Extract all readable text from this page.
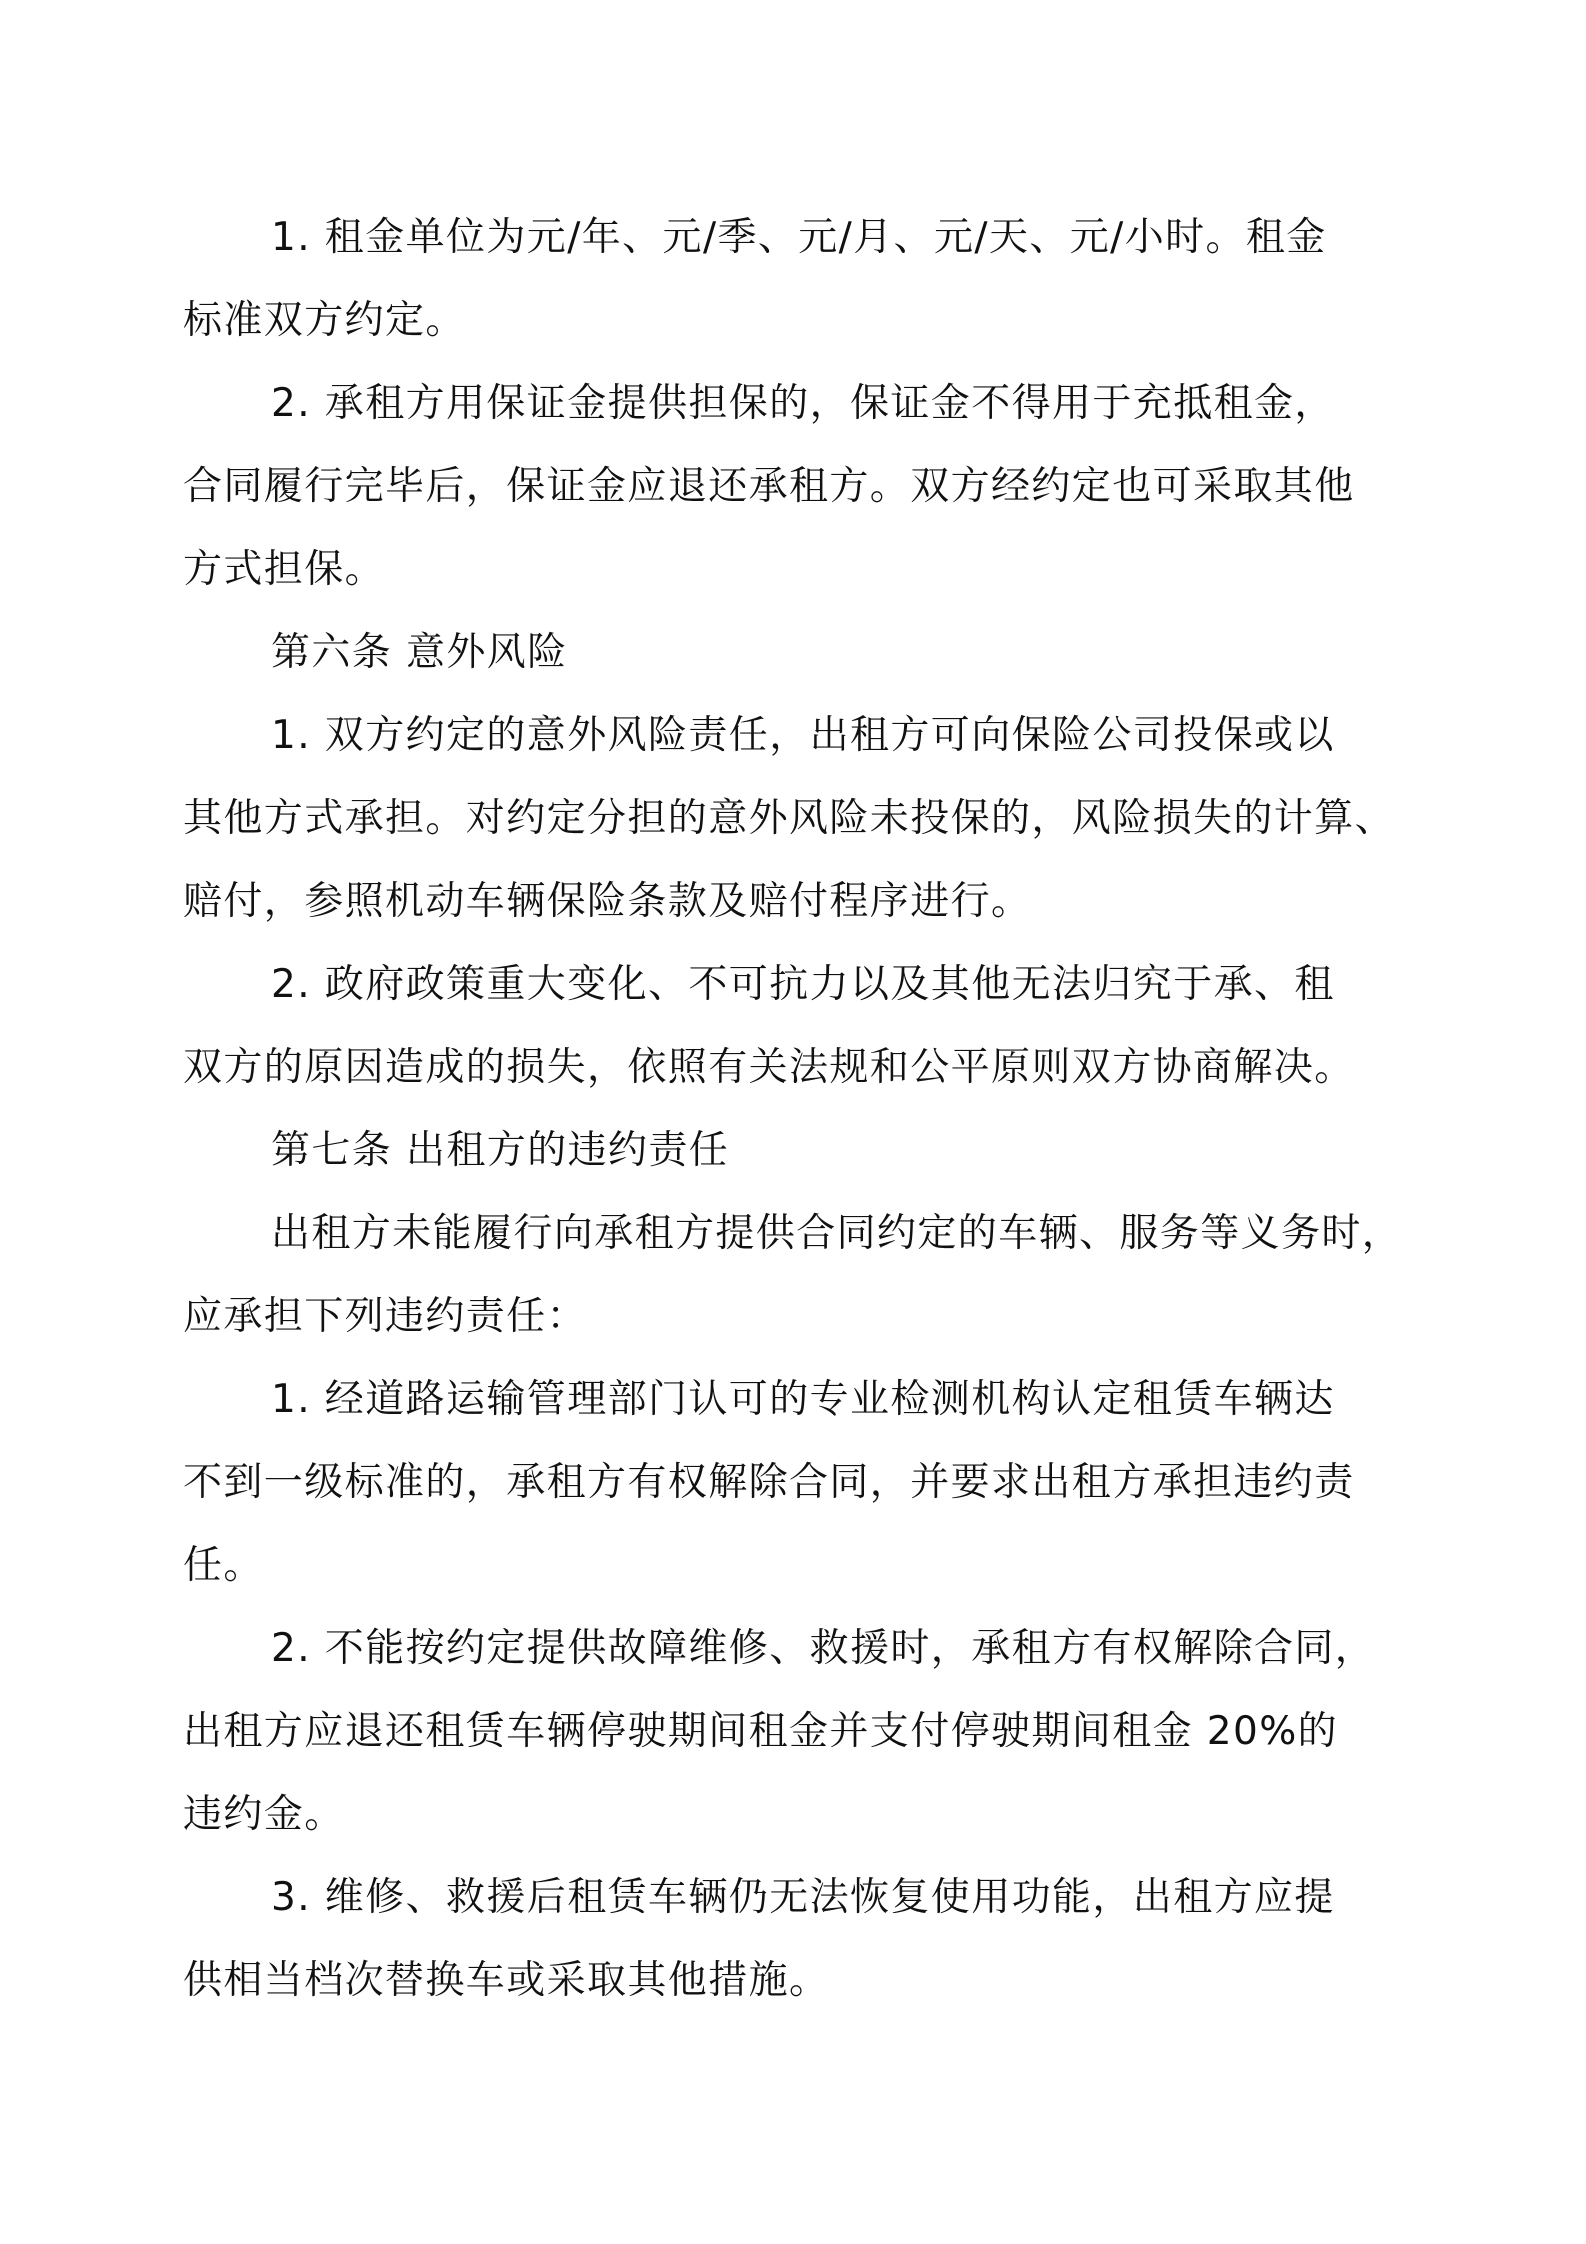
1. 租金单位为元/年、元/季、元/月、元/天、元/小时。租金
标准双方约定。
2. 承租方用保证金提供担保的，保证金不得用于充抵租金，
合同履行完毕后，保证金应退还承租方。双方经约定也可采取其他
方式担保。
第六条 意外风险
1. 双方约定的意外风险责任，出租方可向保险公司投保或以
其他方式承担。对约定分担的意外风险未投保的，风险损失的计算、
赔付，参照机动车辆保险条款及赔付程序进行。
2. 政府政策重大变化、不可抗力以及其他无法归究于承、租
双方的原因造成的损失，依照有关法规和公平原则双方协商解决。
第七条 出租方的违约责任
出租方未能履行向承租方提供合同约定的车辆、服务等义务时，
应承担下列违约责任：
1. 经道路运输管理部门认可的专业检测机构认定租赁车辆达
不到一级标准的，承租方有权解除合同，并要求出租方承担违约责
任。
2. 不能按约定提供故障维修、救援时，承租方有权解除合同，
出租方应退还租赁车辆停驶期间租金并支付停驶期间租金 20%的
违约金。
3. 维修、救援后租赁车辆仍无法恢复使用功能，出租方应提
供相当档次替换车或采取其他措施。
